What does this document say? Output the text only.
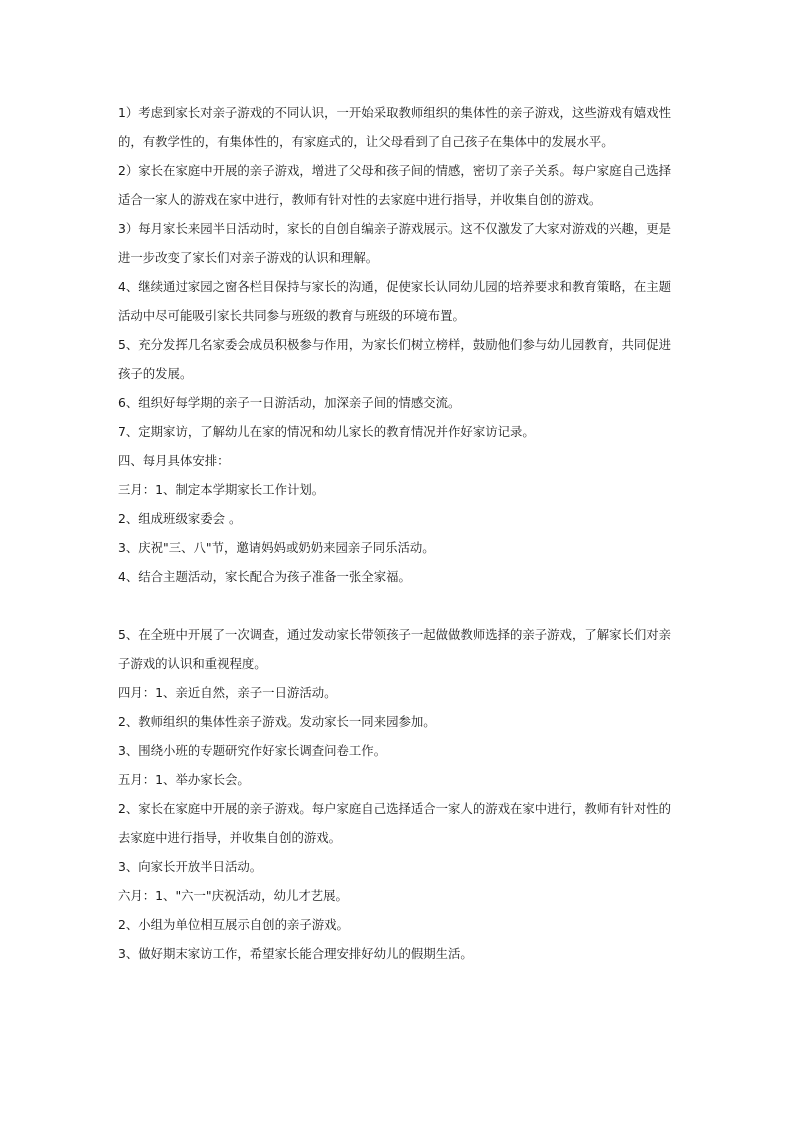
1）考虑到家长对亲子游戏的不同认识，一开始采取教师组织的集体性的亲子游戏，这些游戏有嬉戏性的，有教学性的，有集体性的，有家庭式的，让父母看到了自己孩子在集体中的发展水平。

2）家长在家庭中开展的亲子游戏，增进了父母和孩子间的情感，密切了亲子关系。每户家庭自己选择适合一家人的游戏在家中进行，教师有针对性的去家庭中进行指导，并收集自创的游戏。

3）每月家长来园半日活动时，家长的自创自编亲子游戏展示。这不仅激发了大家对游戏的兴趣，更是进一步改变了家长们对亲子游戏的认识和理解。

4、继续通过家园之窗各栏目保持与家长的沟通，促使家长认同幼儿园的培养要求和教育策略，在主题活动中尽可能吸引家长共同参与班级的教育与班级的环境布置。

5、充分发挥几名家委会成员积极参与作用，为家长们树立榜样，鼓励他们参与幼儿园教育，共同促进孩子的发展。

6、组织好每学期的亲子一日游活动，加深亲子间的情感交流。

7、定期家访，了解幼儿在家的情况和幼儿家长的教育情况并作好家访记录。

四、每月具体安排：

三月：1、制定本学期家长工作计划。

2、组成班级家委会 。

3、庆祝"三、八"节，邀请妈妈或奶奶来园亲子同乐活动。

4、结合主题活动，家长配合为孩子准备一张全家福。

5、在全班中开展了一次调查，通过发动家长带领孩子一起做做教师选择的亲子游戏，了解家长们对亲子游戏的认识和重视程度。

四月：1、亲近自然，亲子一日游活动。

2、教师组织的集体性亲子游戏。发动家长一同来园参加。

3、围绕小班的专题研究作好家长调查问卷工作。

五月：1、举办家长会。

2、家长在家庭中开展的亲子游戏。每户家庭自己选择适合一家人的游戏在家中进行，教师有针对性的去家庭中进行指导，并收集自创的游戏。

3、向家长开放半日活动。

六月：1、"六一"庆祝活动，幼儿才艺展。

2、小组为单位相互展示自创的亲子游戏。

3、做好期末家访工作，希望家长能合理安排好幼儿的假期生活。
